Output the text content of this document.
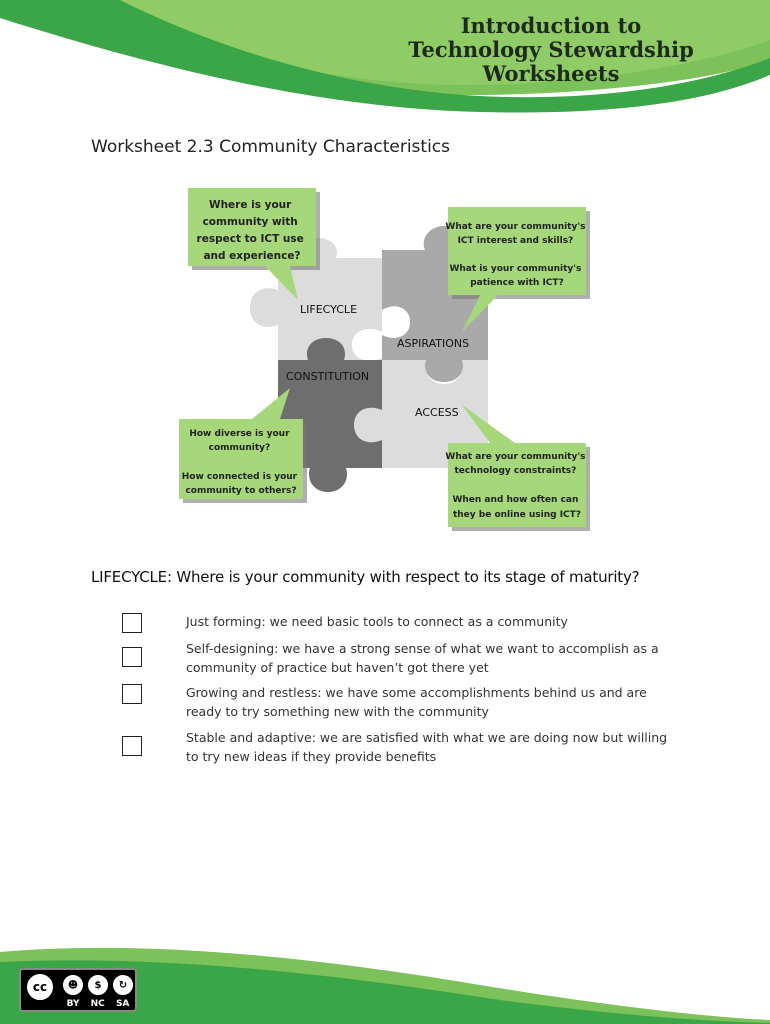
Introduction to
Technology Stewardship
Worksheets
Worksheet 2.3 Community Characteristics
LIFECYCLE
ASPIRATIONS
CONSTITUTION
ACCESS
Where is your community with respect to ICT use and experience?
What are your community's ICT interest and skills? What is your community's patience with ICT?
How diverse is your community? How connected is your community to others?
What are your community's technology constraints? When and how often can they be online using ICT?
LIFECYCLE: Where is your community with respect to its stage of maturity?
Just forming: we need basic tools to connect as a community
Self-designing: we have a strong sense of what we want to accomplish as a community of practice but haven’t got there yet
Growing and restless: we have some accomplishments behind us and are ready to try something new with the community
Stable and adaptive: we are satisfied with what we are doing now but willing to try new ideas if they provide benefits
cc	☻	$	↻
BY NC SA
